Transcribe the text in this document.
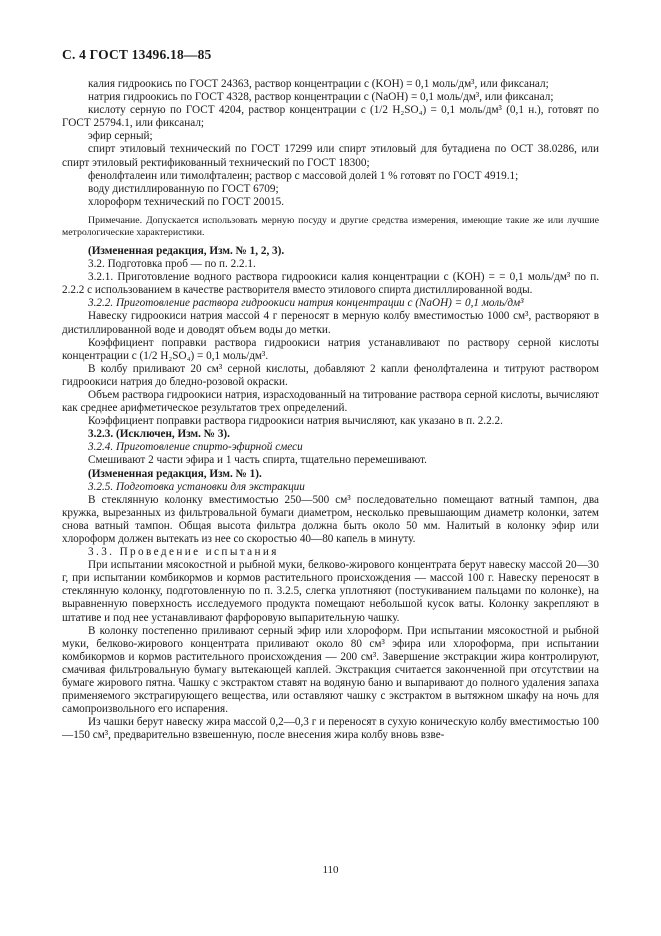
С. 4 ГОСТ 13496.18—85

калия гидроокись по ГОСТ 24363, раствор концентрации c (KOH) = 0,1 моль/дм³, или фиксанал;

натрия гидроокись по ГОСТ 4328, раствор концентрации c (NaOH) = 0,1 моль/дм³, или фиксанал;

кислоту серную по ГОСТ 4204, раствор концентрации c (1/2 H₂SO₄) = 0,1 моль/дм³ (0,1 н.), готовят по ГОСТ 25794.1, или фиксанал;

эфир серный;

спирт этиловый технический по ГОСТ 17299 или спирт этиловый для бутадиена по ОСТ 38.0286, или спирт этиловый ректификованный технический по ГОСТ 18300;

фенолфталеин или тимолфталеин; раствор с массовой долей 1 % готовят по ГОСТ 4919.1;

воду дистиллированную по ГОСТ 6709;

хлороформ технический по ГОСТ 20015.

Примечание. Допускается использовать мерную посуду и другие средства измерения, имеющие такие же или лучшие метрологические характеристики.

(Измененная редакция, Изм. № 1, 2, 3).

3.2. Подготовка проб — по п. 2.2.1.

3.2.1. Приготовление водного раствора гидроокиси калия концентрации c (KOH) = = 0,1 моль/дм³ по п. 2.2.2 с использованием в качестве растворителя вместо этилового спирта дистиллированной воды.

3.2.2. Приготовление раствора гидроокиси натрия концентрации c (NaOH) = 0,1 моль/дм³

Навеску гидроокиси натрия массой 4 г переносят в мерную колбу вместимостью 1000 см³, растворяют в дистиллированной воде и доводят объем воды до метки.

Коэффициент поправки раствора гидроокиси натрия устанавливают по раствору серной кислоты концентрации c (1/2 H₂SO₄) = 0,1 моль/дм³.

В колбу приливают 20 см³ серной кислоты, добавляют 2 капли фенолфталеина и титруют раствором гидроокиси натрия до бледно-розовой окраски.

Объем раствора гидроокиси натрия, израсходованный на титрование раствора серной кислоты, вычисляют как среднее арифметическое результатов трех определений.

Коэффициент поправки раствора гидроокиси натрия вычисляют, как указано в п. 2.2.2.

3.2.3. (Исключен, Изм. № 3).

3.2.4. Приготовление спирто-эфирной смеси

Смешивают 2 части эфира и 1 часть спирта, тщательно перемешивают.

(Измененная редакция, Изм. № 1).

3.2.5. Подготовка установки для экстракции

В стеклянную колонку вместимостью 250—500 см³ последовательно помещают ватный тампон, два кружка, вырезанных из фильтровальной бумаги диаметром, несколько превышающим диаметр колонки, затем снова ватный тампон. Общая высота фильтра должна быть около 50 мм. Налитый в колонку эфир или хлороформ должен вытекать из нее со скоростью 40—80 капель в минуту.

3.3. Проведение испытания

При испытании мясокостной и рыбной муки, белково-жирового концентрата берут навеску массой 20—30 г, при испытании комбикормов и кормов растительного происхождения — массой 100 г. Навеску переносят в стеклянную колонку, подготовленную по п. 3.2.5, слегка уплотняют (постукиванием пальцами по колонке), на выравненную поверхность исследуемого продукта помещают небольшой кусок ваты. Колонку закрепляют в штативе и под нее устанавливают фарфоровую выпарительную чашку.

В колонку постепенно приливают серный эфир или хлороформ. При испытании мясокостной и рыбной муки, белково-жирового концентрата приливают около 80 см³ эфира или хлороформа, при испытании комбикормов и кормов растительного происхождения — 200 см³. Завершение экстракции жира контролируют, смачивая фильтровальную бумагу вытекающей каплей. Экстракция считается законченной при отсутствии на бумаге жирового пятна. Чашку с экстрактом ставят на водяную баню и выпаривают до полного удаления запаха применяемого экстрагирующего вещества, или оставляют чашку с экстрактом в вытяжном шкафу на ночь для самопроизвольного его испарения.

Из чашки берут навеску жира массой 0,2—0,3 г и переносят в сухую коническую колбу вместимостью 100—150 см³, предварительно взвешенную, после внесения жира колбу вновь взве-

110
